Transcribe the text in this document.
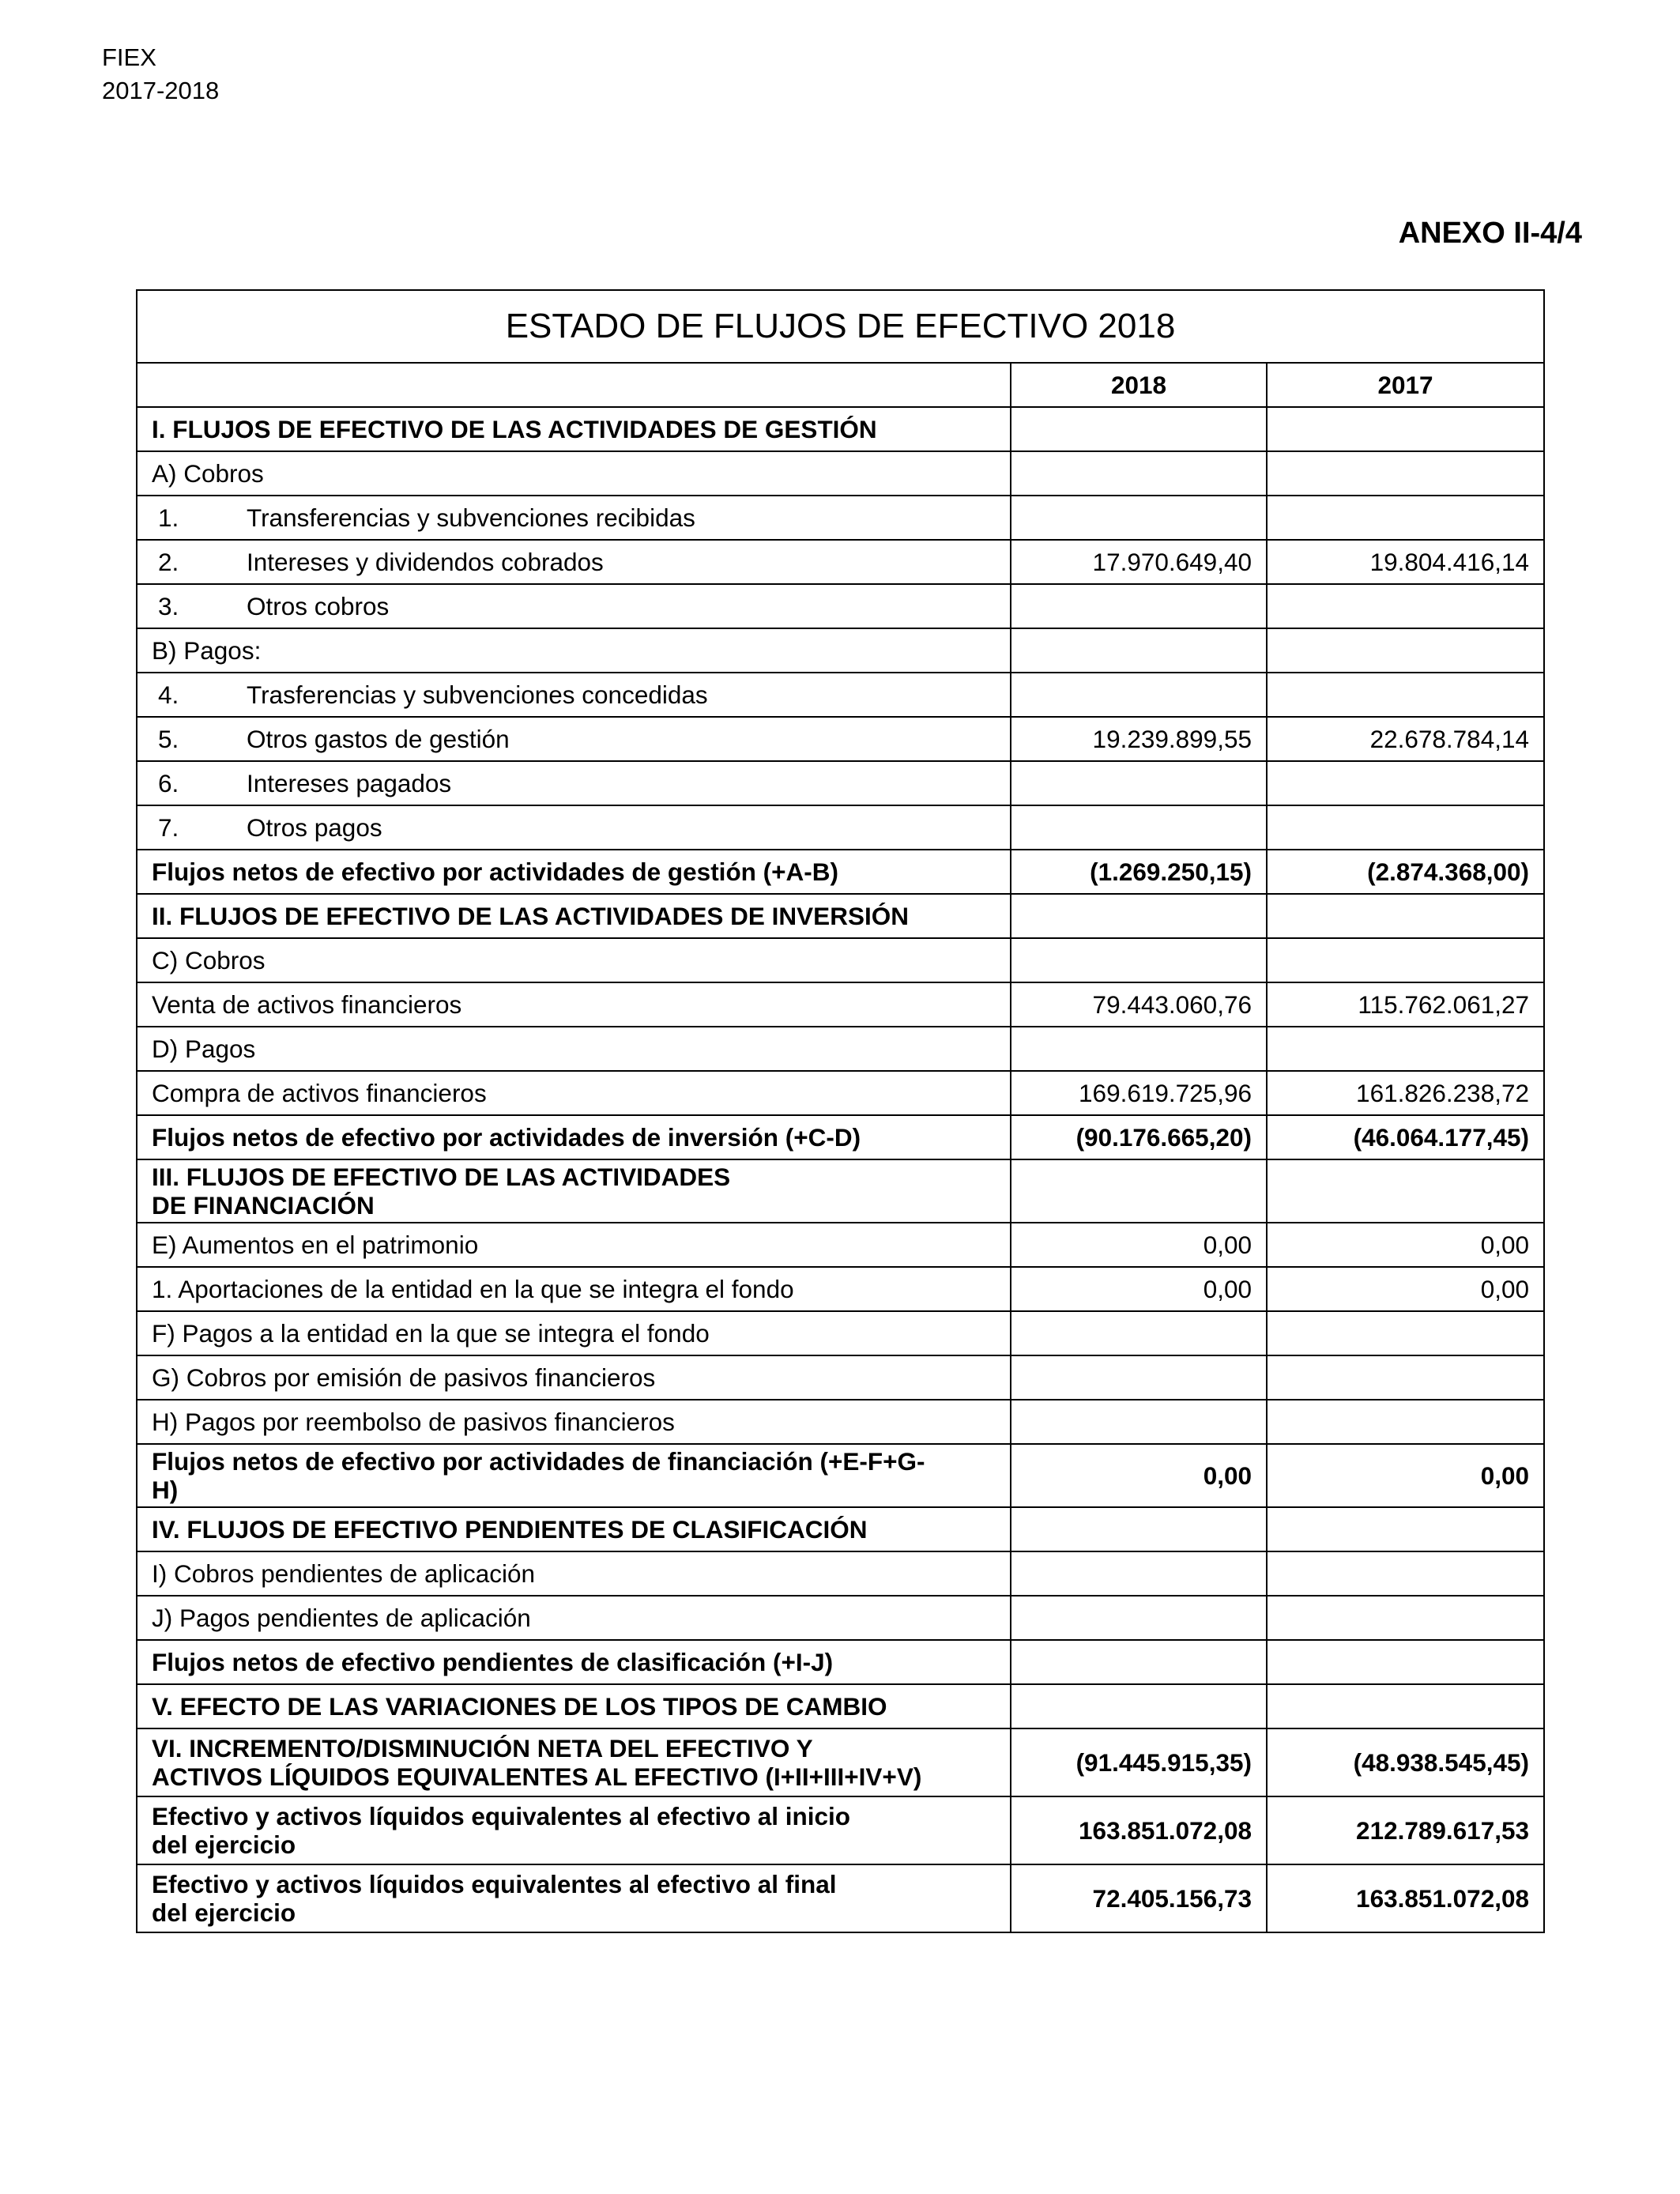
FIEX
2017-2018
ANEXO II-4/4
ESTADO DE FLUJOS DE EFECTIVO 2018		
	2018	2017
I. FLUJOS DE EFECTIVO DE LAS ACTIVIDADES DE GESTIÓN		
A) Cobros		
1. Transferencias y subvenciones recibidas		
2. Intereses y dividendos cobrados	17.970.649,40	19.804.416,14
3. Otros cobros		
B) Pagos:		
4. Trasferencias y subvenciones concedidas		
5. Otros gastos de gestión	19.239.899,55	22.678.784,14
6. Intereses pagados		
7. Otros pagos		
Flujos netos de efectivo por actividades de gestión (+A-B)	(1.269.250,15)	(2.874.368,00)
II. FLUJOS DE EFECTIVO DE LAS ACTIVIDADES DE INVERSIÓN		
C) Cobros		
Venta de activos financieros	79.443.060,76	115.762.061,27
D) Pagos		
Compra de activos financieros	169.619.725,96	161.826.238,72
Flujos netos de efectivo por actividades de inversión (+C-D)	(90.176.665,20)	(46.064.177,45)
III. FLUJOS DE EFECTIVO DE LAS ACTIVIDADES
DE FINANCIACIÓN		
E) Aumentos en el patrimonio	0,00	0,00
1. Aportaciones de la entidad en la que se integra el fondo	0,00	0,00
F) Pagos a la entidad en la que se integra el fondo		
G) Cobros por emisión de pasivos financieros		
H) Pagos por reembolso de pasivos financieros		
Flujos netos de efectivo por actividades de financiación (+E-F+G-
H)	0,00	0,00
IV. FLUJOS DE EFECTIVO PENDIENTES DE CLASIFICACIÓN		
I) Cobros pendientes de aplicación		
J) Pagos pendientes de aplicación		
Flujos netos de efectivo pendientes de clasificación (+I-J)		
V. EFECTO DE LAS VARIACIONES DE LOS TIPOS DE CAMBIO		
VI. INCREMENTO/DISMINUCIÓN NETA DEL EFECTIVO Y
ACTIVOS LÍQUIDOS EQUIVALENTES AL EFECTIVO (I+II+III+IV+V)	(91.445.915,35)	(48.938.545,45)
Efectivo y activos líquidos equivalentes al efectivo al inicio
del ejercicio	163.851.072,08	212.789.617,53
Efectivo y activos líquidos equivalentes al efectivo al final
del ejercicio	72.405.156,73	163.851.072,08
